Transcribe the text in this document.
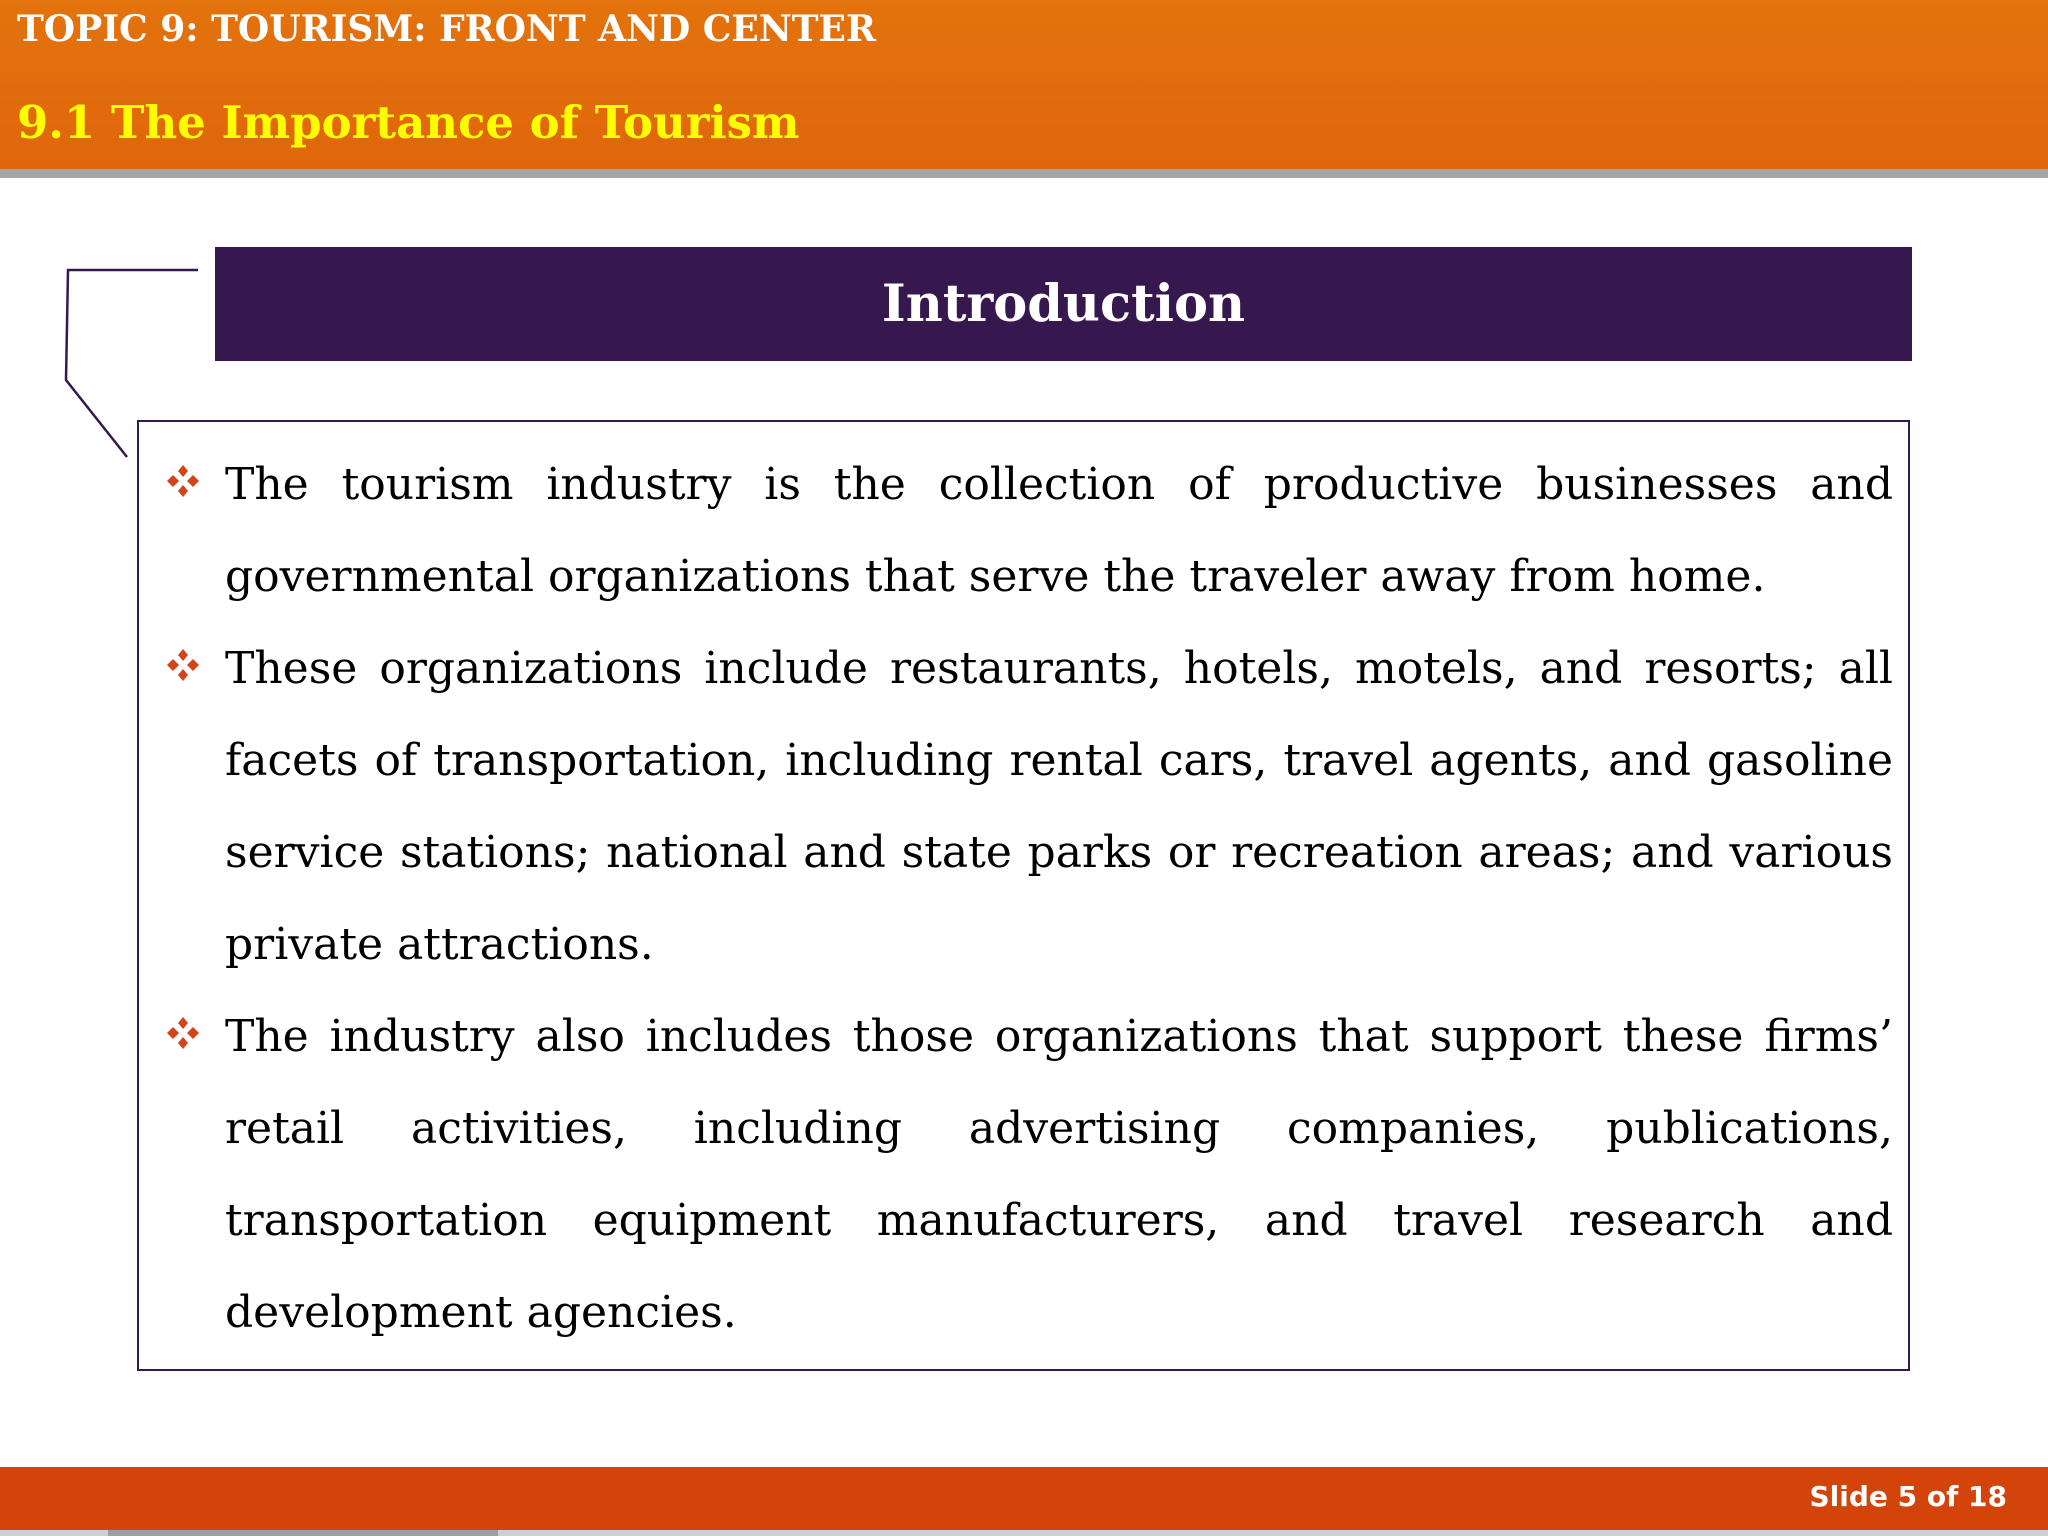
TOPIC 9: TOURISM: FRONT AND CENTER
9.1 The Importance of Tourism
Introduction

The tourism industry is the collection of productive businesses and governmental organizations that serve the traveler away from home.

These organizations include restaurants, hotels, motels, and resorts; all facets of transportation, including rental cars, travel agents, and gasoline service stations; national and state parks or recreation areas; and various private attractions.

The industry also includes those organizations that support these firms’ retail activities, including advertising companies, publications, transportation equipment manufacturers, and travel research and development agencies.

Slide 5 of 18
